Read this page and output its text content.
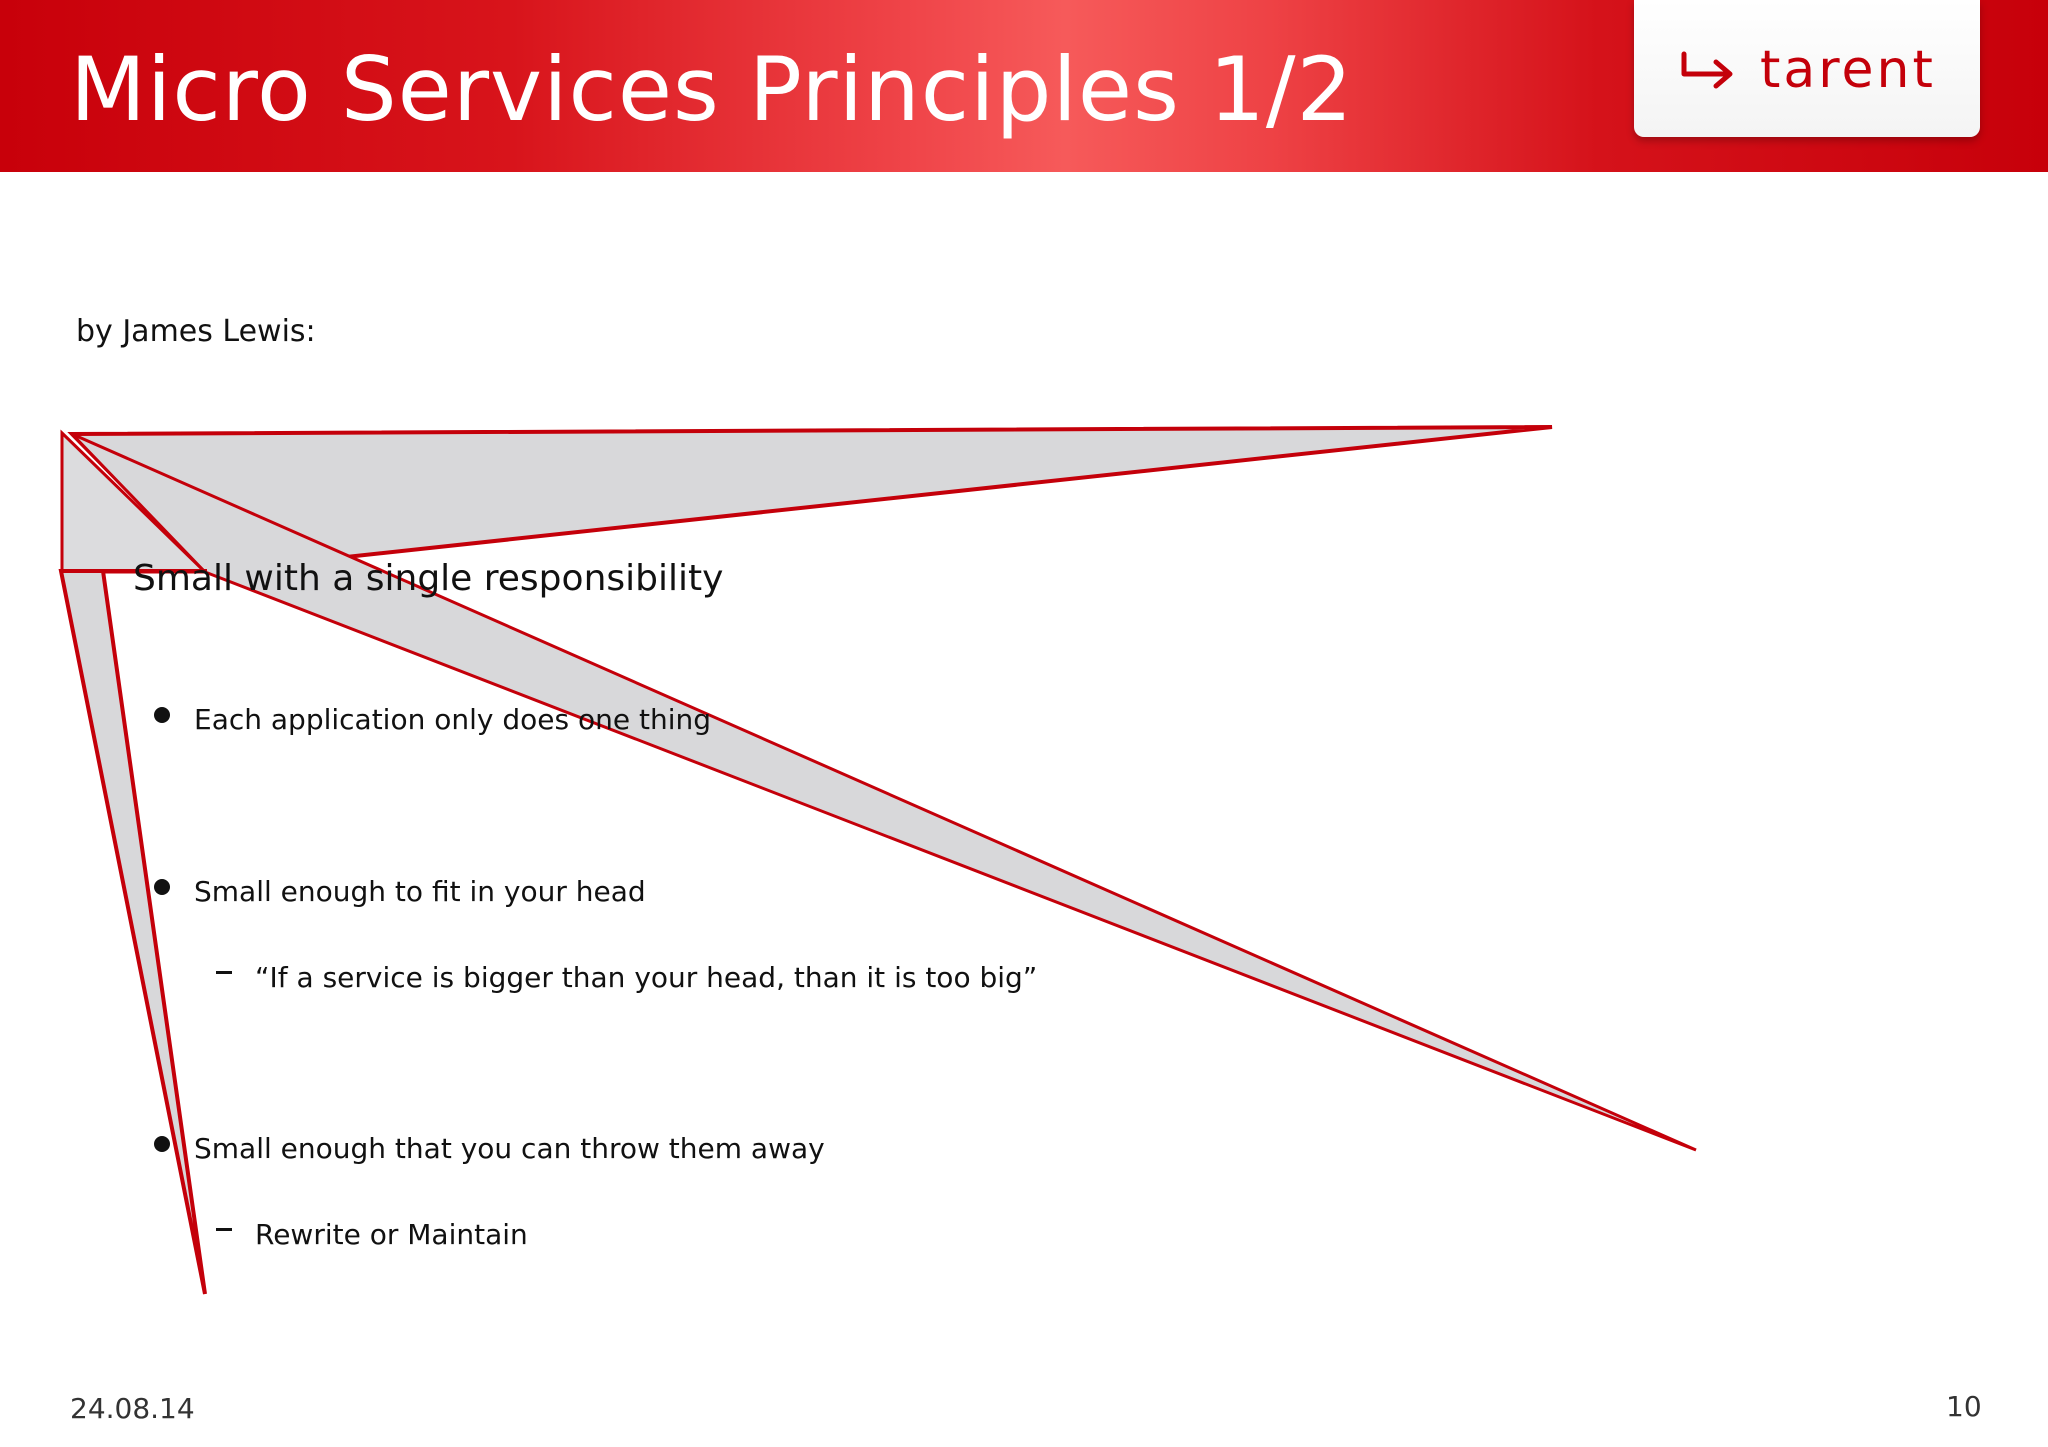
Micro Services Principles 1/2	tarent
by James Lewis:
Small with a single responsibility
Each application only does one thing
Small enough to fit in your head
“If a service is bigger than your head, than it is too big”
Small enough that you can throw them away
Rewrite or Maintain
24.08.14	10
